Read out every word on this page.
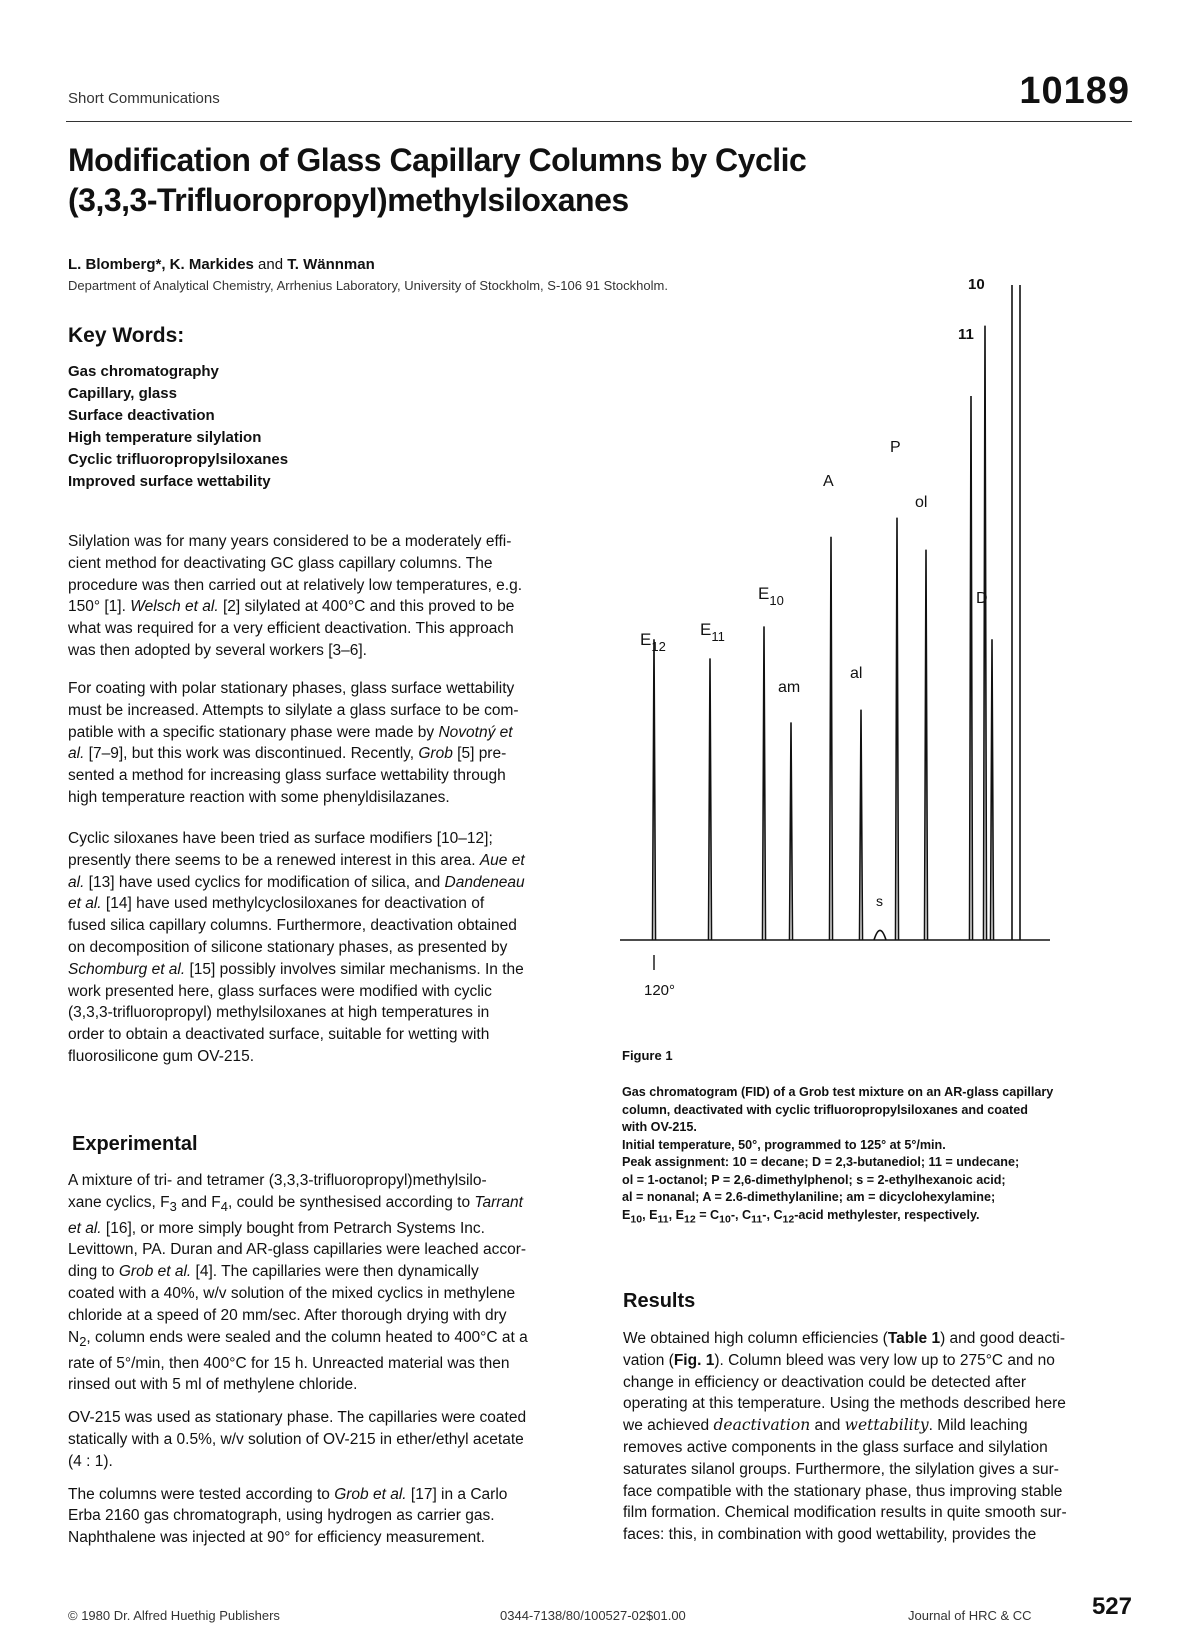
Short Communications	10189
Modification of Glass Capillary Columns by Cyclic
(3,3,3-Trifluoropropyl)methylsiloxanes
L. Blomberg*, K. Markides and T. Wännman
Department of Analytical Chemistry, Arrhenius Laboratory, University of Stockholm, S-106 91 Stockholm.
Key Words:
Gas chromatography
Capillary, glass
Surface deactivation
High temperature silylation
Cyclic trifluoropropylsiloxanes
Improved surface wettability
Silylation was for many years considered to be a moderately effi-
cient method for deactivating GC glass capillary columns. The
procedure was then carried out at relatively low temperatures, e.g.
150° [1]. Welsch et al. [2] silylated at 400°C and this proved to be
what was required for a very efficient deactivation. This approach
was then adopted by several workers [3–6].
For coating with polar stationary phases, glass surface wettability
must be increased. Attempts to silylate a glass surface to be com-
patible with a specific stationary phase were made by Novotný et
al. [7–9], but this work was discontinued. Recently, Grob [5] pre-
sented a method for increasing glass surface wettability through
high temperature reaction with some phenyldisilazanes.
Cyclic siloxanes have been tried as surface modifiers [10–12];
presently there seems to be a renewed interest in this area. Aue et
al. [13] have used cyclics for modification of silica, and Dandeneau
et al. [14] have used methylcyclosiloxanes for deactivation of
fused silica capillary columns. Furthermore, deactivation obtained
on decomposition of silicone stationary phases, as presented by
Schomburg et al. [15] possibly involves similar mechanisms. In the
work presented here, glass surfaces were modified with cyclic
(3,3,3-trifluoropropyl) methylsiloxanes at high temperatures in
order to obtain a deactivated surface, suitable for wetting with
fluorosilicone gum OV-215.
Experimental

A mixture of tri- and tetramer (3,3,3-trifluoropropyl)methylsilo-
xane cyclics, $F_3$ and $F_4$, could be synthesised according to Tarrant
et al. [16], or more simply bought from Petrarch Systems Inc.
Levittown, PA. Duran and AR-glass capillaries were leached accor-
ding to Grob et al. [4]. The capillaries were then dynamically
coated with a 40%, w/v solution of the mixed cyclics in methylene
chloride at a speed of 20 mm/sec. After thorough drying with dry
$N_2$, column ends were sealed and the column heated to 400°C at a
rate of 5°/min, then 400°C for 15 h. Unreacted material was then
rinsed out with 5 ml of methylene chloride.

OV-215 was used as stationary phase. The capillaries were coated
statically with a 0.5%, w/v solution of OV-215 in ether/ethyl acetate
(4 : 1).

The columns were tested according to Grob et al. [17] in a Carlo
Erba 2160 gas chromatograph, using hydrogen as carrier gas.
Naphthalene was injected at 90° for efficiency measurement.

120°
$E_{12}$
$E_{11}$
$E_{10}$
am
A
al
s
P
ol
D
11
10
Figure 1

Gas chromatogram (FID) of a Grob test mixture on an AR-glass capillary
column, deactivated with cyclic trifluoropropylsiloxanes and coated
with OV-215.
Initial temperature, 50°, programmed to 125° at 5°/min.
Peak assignment: 10 = decane; D = 2,3-butanediol; 11 = undecane;
ol = 1-octanol; P = 2,6-dimethylphenol; s = 2-ethylhexanoic acid;
al = nonanal; A = 2.6-dimethylaniline; am = dicyclohexylamine;
$E_{10}$, $E_{11}$, $E_{12} = C_{10}-$, $C_{11}-$, $C_{12}$-acid methylester, respectively.

Results

We obtained high column efficiencies (Table 1) and good deacti-
vation (Fig. 1). Column bleed was very low up to 275°C and no
change in efficiency or deactivation could be detected after
operating at this temperature. Using the methods described here
we achieved deactivation and wettability. Mild leaching
removes active components in the glass surface and silylation
saturates silanol groups. Furthermore, the silylation gives a sur-
face compatible with the stationary phase, thus improving stable
film formation. Chemical modification results in quite smooth sur-
faces: this, in combination with good wettability, provides the

© 1980 Dr. Alfred Huethig Publishers	0344-7138/80/100527-02$01.00	Journal of HRC & CC	527
